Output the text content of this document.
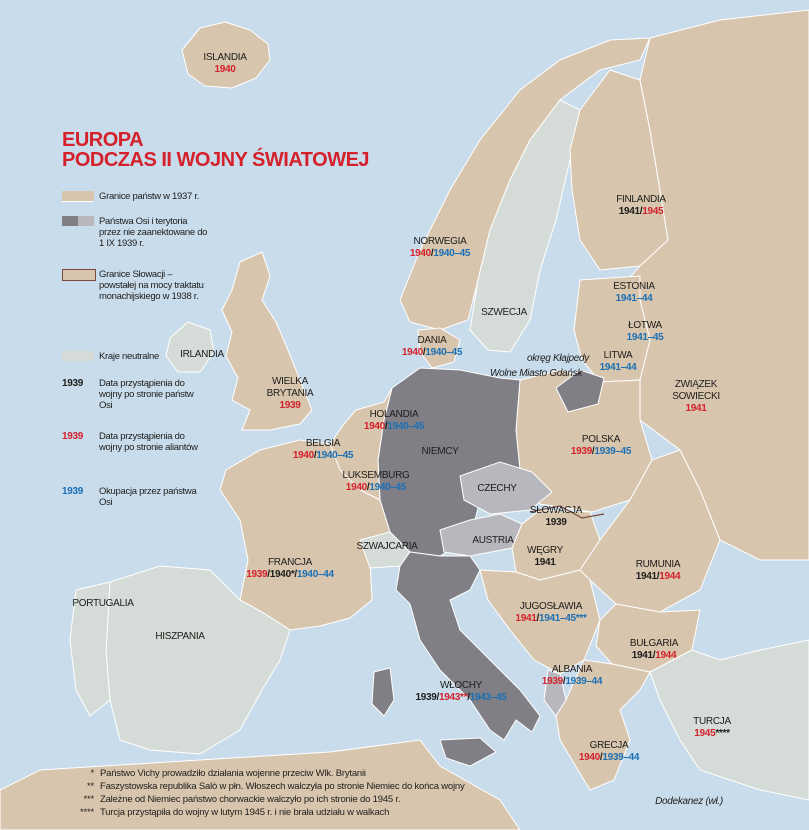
EUROPA
PODCZAS II WOJNY ŚWIATOWEJ
Granice państw w 1937 r.
Państwa Osi i terytoria przez nie zaanektowane do 1 IX 1939 r.
Granice Słowacji – powstałej na mocy traktatu monachijskiego w 1938 r.
Kraje neutralne
1939	Data przystąpienia do wojny po stronie państw Osi
1939	Data przystąpienia do wojny po stronie aliantów
1939	Okupacja przez państwa Osi
ISLANDIA
1940
IRLANDIA
WIELKA
BRYTANIA
1939
NORWEGIA
1940/1940–45
SZWECJA
FINLANDIA
1941/1945
ESTONIA
1941–44
ŁOTWA
1941–45
LITWA
1941–44
DANIA
1940/1940–45
okręg Kłajpedy
Wolne Miasto Gdańsk
ZWIĄZEK
SOWIECKI
1941
HOLANDIA
1940/1940–45
BELGIA
1940/1940–45
LUKSEMBURG
1940/1940–45
NIEMCY
POLSKA
1939/1939–45
CZECHY
SŁOWACJA
1939
AUSTRIA
SZWAJCARIA	WĘGRY
1941	RUMUNIA
1941/1944
FRANCJA
1939/1940*/1940–44
PORTUGALIA
HISZPANIA
JUGOSŁAWIA
1941/1941–45***
BUŁGARIA
1941/1944
ALBANIA
1939/1939–44
WŁOCHY
1939/1943**/1943–45
GRECJA
1940/1939–44
TURCJA
1945****
Dodekanez (wł.)
* Państwo Vichy prowadziło działania wojenne przeciw Wlk. Brytanii
** Faszystowska republika Salò w płn. Włoszech walczyła po stronie Niemiec do końca wojny
*** Zależne od Niemiec państwo chorwackie walczyło po ich stronie do 1945 r.
**** Turcja przystąpiła do wojny w lutym 1945 r. i nie brała udziału w walkach
